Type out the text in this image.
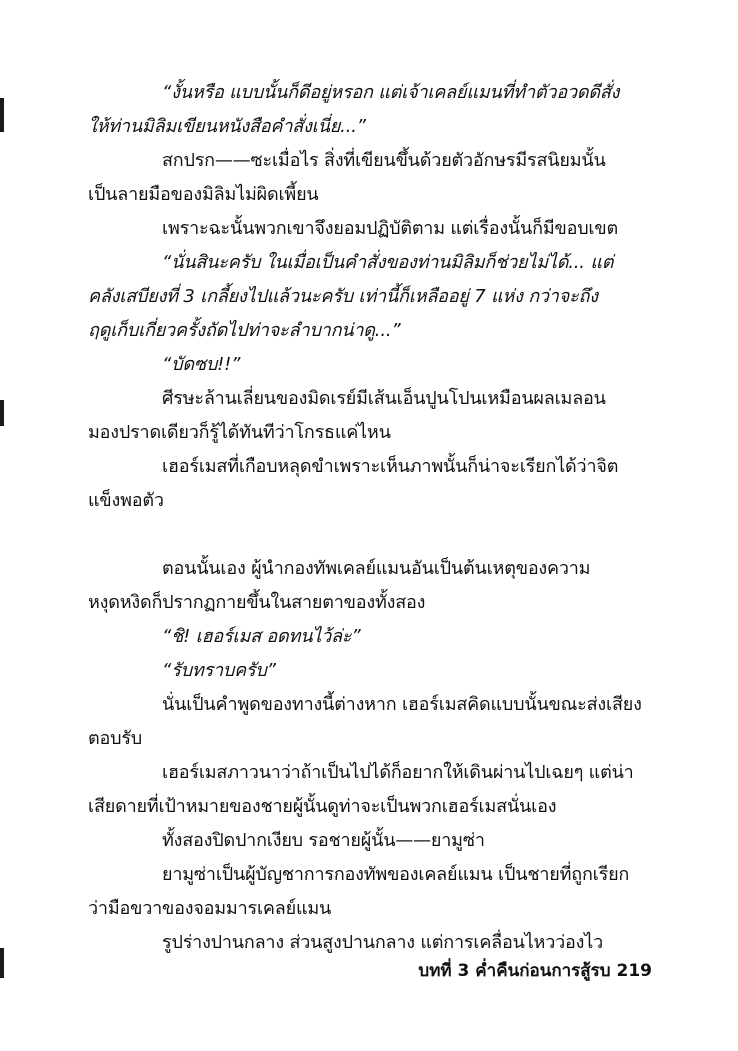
“งั้นหรือ แบบนั้นก็ดีอยู่หรอก แต่เจ้าเคลย์แมนที่ทำตัวอวดดีสั่ง
ให้ท่านมิลิมเขียนหนังสือคำสั่งเนี่ย...”
สกปรก——ซะเมื่อไร สิ่งที่เขียนขึ้นด้วยตัวอักษรมีรสนิยมนั้น
เป็นลายมือของมิลิมไม่ผิดเพี้ยน
เพราะฉะนั้นพวกเขาจึงยอมปฏิบัติตาม แต่เรื่องนั้นก็มีขอบเขต
“นั่นสินะครับ ในเมื่อเป็นคำสั่งของท่านมิลิมก็ช่วยไม่ได้... แต่
คลังเสบียงที่ 3 เกลี้ยงไปแล้วนะครับ เท่านี้ก็เหลืออยู่ 7 แห่ง กว่าจะถึง
ฤดูเก็บเกี่ยวครั้งถัดไปท่าจะลำบากน่าดู...”
“บัดซบ!!”
ศีรษะล้านเลี่ยนของมิดเรย์มีเส้นเอ็นปูนโปนเหมือนผลเมลอน
มองปราดเดียวก็รู้ได้ทันทีว่าโกรธแค่ไหน
เฮอร์เมสที่เกือบหลุดขำเพราะเห็นภาพนั้นก็น่าจะเรียกได้ว่าจิต
แข็งพอตัว
ตอนนั้นเอง ผู้นำกองทัพเคลย์แมนอันเป็นต้นเหตุของความ
หงุดหงิดก็ปรากฏกายขึ้นในสายตาของทั้งสอง
“ชิ! เฮอร์เมส อดทนไว้ล่ะ”
“รับทราบครับ”
นั่นเป็นคำพูดของทางนี้ต่างหาก เฮอร์เมสคิดแบบนั้นขณะส่งเสียง
ตอบรับ
เฮอร์เมสภาวนาว่าถ้าเป็นไปได้ก็อยากให้เดินผ่านไปเฉยๆ แต่น่า
เสียดายที่เป้าหมายของชายผู้นั้นดูท่าจะเป็นพวกเฮอร์เมสนั่นเอง
ทั้งสองปิดปากเงียบ รอชายผู้นั้น——ยามูซ่า
ยามูซ่าเป็นผู้บัญชาการกองทัพของเคลย์แมน เป็นชายที่ถูกเรียก
ว่ามือขวาของจอมมารเคลย์แมน
รูปร่างปานกลาง ส่วนสูงปานกลาง แต่การเคลื่อนไหวว่องไว
บทที่ 3 ค่ำคืนก่อนการสู้รบ 219
